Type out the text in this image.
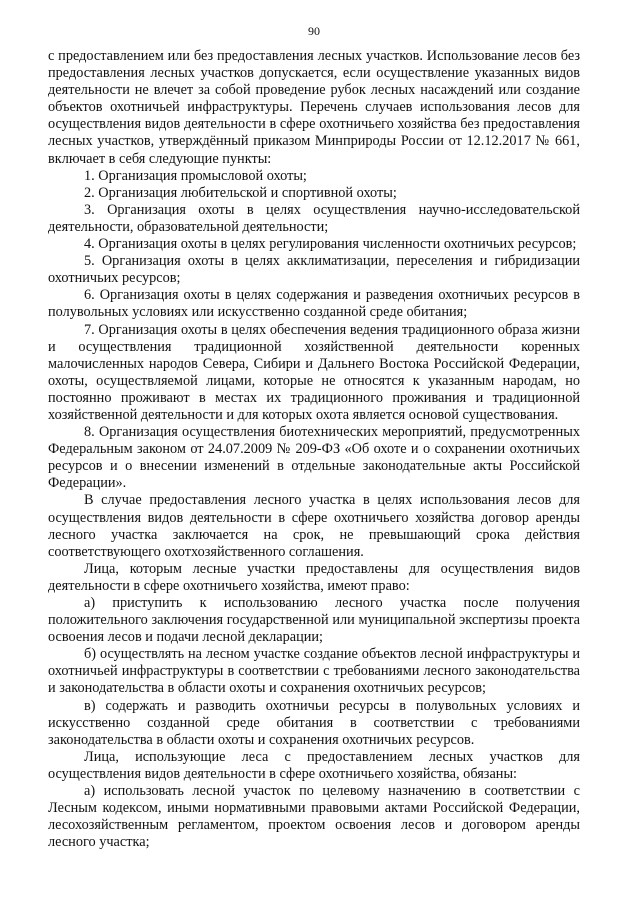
90

с предоставлением или без предоставления лесных участков. Использование лесов без предоставления лесных участков допускается, если осуществление указанных видов деятельности не влечет за собой проведение рубок лесных насаждений или создание объектов охотничьей инфраструктуры. Перечень случаев использования лесов для осуществления видов деятельности в сфере охотничьего хозяйства без предоставления лесных участков, утверждённый приказом Минприроды России от 12.12.2017 № 661, включает в себя следующие пункты:

1. Организация промысловой охоты;

2. Организация любительской и спортивной охоты;

3. Организация охоты в целях осуществления научно-исследовательской деятельности, образовательной деятельности;

4. Организация охоты в целях регулирования численности охотничьих ресурсов;

5. Организация охоты в целях акклиматизации, переселения и гибридизации охотничьих ресурсов;

6. Организация охоты в целях содержания и разведения охотничьих ресурсов в полувольных условиях или искусственно созданной среде обитания;

7. Организация охоты в целях обеспечения ведения традиционного образа жизни и осуществления традиционной хозяйственной деятельности коренных малочисленных народов Севера, Сибири и Дальнего Востока Российской Федерации, охоты, осуществляемой лицами, которые не относятся к указанным народам, но постоянно проживают в местах их традиционного проживания и традиционной хозяйственной деятельности и для которых охота является основой существования.

8. Организация осуществления биотехнических мероприятий, предусмотренных Федеральным законом от 24.07.2009 № 209-ФЗ «Об охоте и о сохранении охотничьих ресурсов и о внесении изменений в отдельные законодательные акты Российской Федерации».

В случае предоставления лесного участка в целях использования лесов для осуществления видов деятельности в сфере охотничьего хозяйства договор аренды лесного участка заключается на срок, не превышающий срока действия соответствующего охотхозяйственного соглашения.

Лица, которым лесные участки предоставлены для осуществления видов деятельности в сфере охотничьего хозяйства, имеют право:

а) приступить к использованию лесного участка после получения положительного заключения государственной или муниципальной экспертизы проекта освоения лесов и подачи лесной декларации;

б) осуществлять на лесном участке создание объектов лесной инфраструктуры и охотничьей инфраструктуры в соответствии с требованиями лесного законодательства и законодательства в области охоты и сохранения охотничьих ресурсов;

в) содержать и разводить охотничьи ресурсы в полувольных условиях и искусственно созданной среде обитания в соответствии с требованиями законодательства в области охоты и сохранения охотничьих ресурсов.

Лица, использующие леса с предоставлением лесных участков для осуществления видов деятельности в сфере охотничьего хозяйства, обязаны:

а) использовать лесной участок по целевому назначению в соответствии с Лесным кодексом, иными нормативными правовыми актами Российской Федерации, лесохозяйственным регламентом, проектом освоения лесов и договором аренды лесного участка;
